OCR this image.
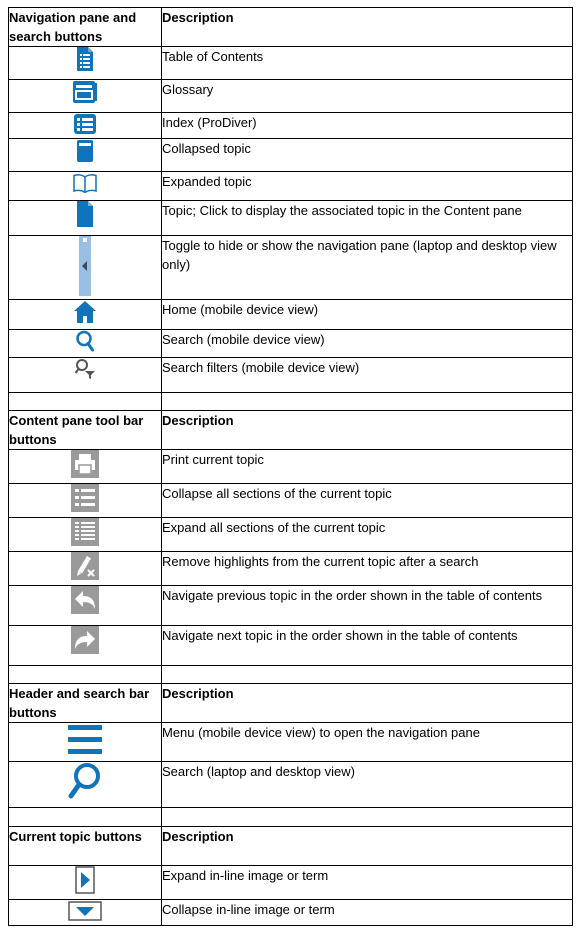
Navigation pane and search buttons	Description

	Table of Contents

	Glossary

	Index (ProDiver)

	Collapsed topic

	Expanded topic

	Topic; Click to display the associated topic in the Content pane

	Toggle to hide or show the navigation pane (laptop and desktop view only)

	Home (mobile device view)

	Search (mobile device view)

	Search filters (mobile device view)

Content pane tool bar buttons	Description

	Print current topic

	Collapse all sections of the current topic

	Expand all sections of the current topic

	Remove highlights from the current topic after a search

	Navigate previous topic in the order shown in the table of contents

	Navigate next topic in the order shown in the table of contents

Header and search bar buttons	Description

	Menu (mobile device view) to open the navigation pane

	Search (laptop and desktop view)

Current topic buttons	Description

	Expand in-line image or term

	Collapse in-line image or term
